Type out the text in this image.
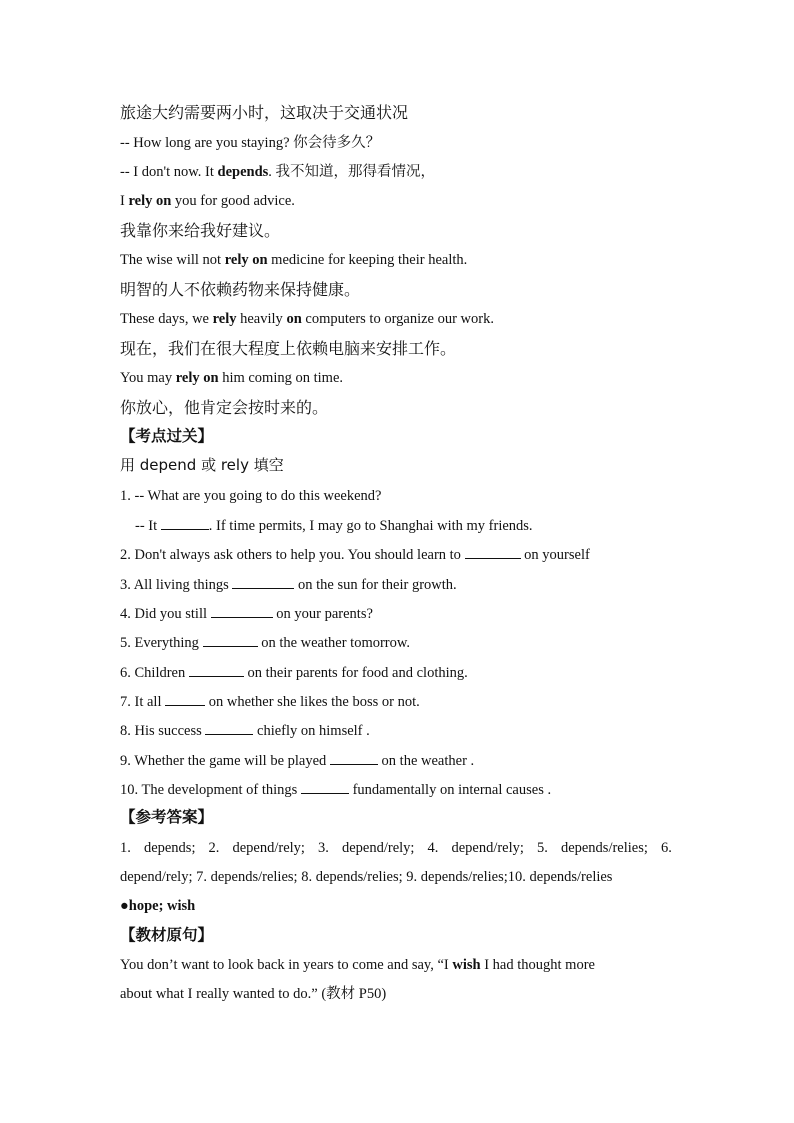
旅途大约需要两小时，这取决于交通状况
-- How long are you staying? 你会待多久？
-- I don't now. It depends. 我不知道，那得看情况，
I rely on you for good advice.
我靠你来给我好建议。
The wise will not rely on medicine for keeping their health.
明智的人不依赖药物来保持健康。
These days, we rely heavily on computers to organize our work.
现在，我们在很大程度上依赖电脑来安排工作。
You may rely on him coming on time.
你放心，他肯定会按时来的。
【考点过关】
用 depend 或 rely 填空
1. -- What are you going to do this weekend?
-- It	. If time permits, I may go to Shanghai with my friends.
2. Don't always ask others to help you. You should learn to	on yourself
3. All living things	on the sun for their growth.
4. Did you still	on your parents?
5. Everything	on the weather tomorrow.
6. Children	on their parents for food and clothing.
7. It all	on whether she likes the boss or not.
8. His success	chiefly on himself .
9. Whether the game will be played	on the weather .
10. The development of things	fundamentally on internal causes .
【参考答案】
1. depends; 2. depend/rely; 3. depend/rely; 4. depend/rely; 5. depends/relies; 6.
depend/rely; 7. depends/relies; 8. depends/relies; 9. depends/relies;10. depends/relies
●hope; wish
【教材原句】
You don’t want to look back in years to come and say, “I wish I had thought more
about what I really wanted to do.” (教材 P50)
